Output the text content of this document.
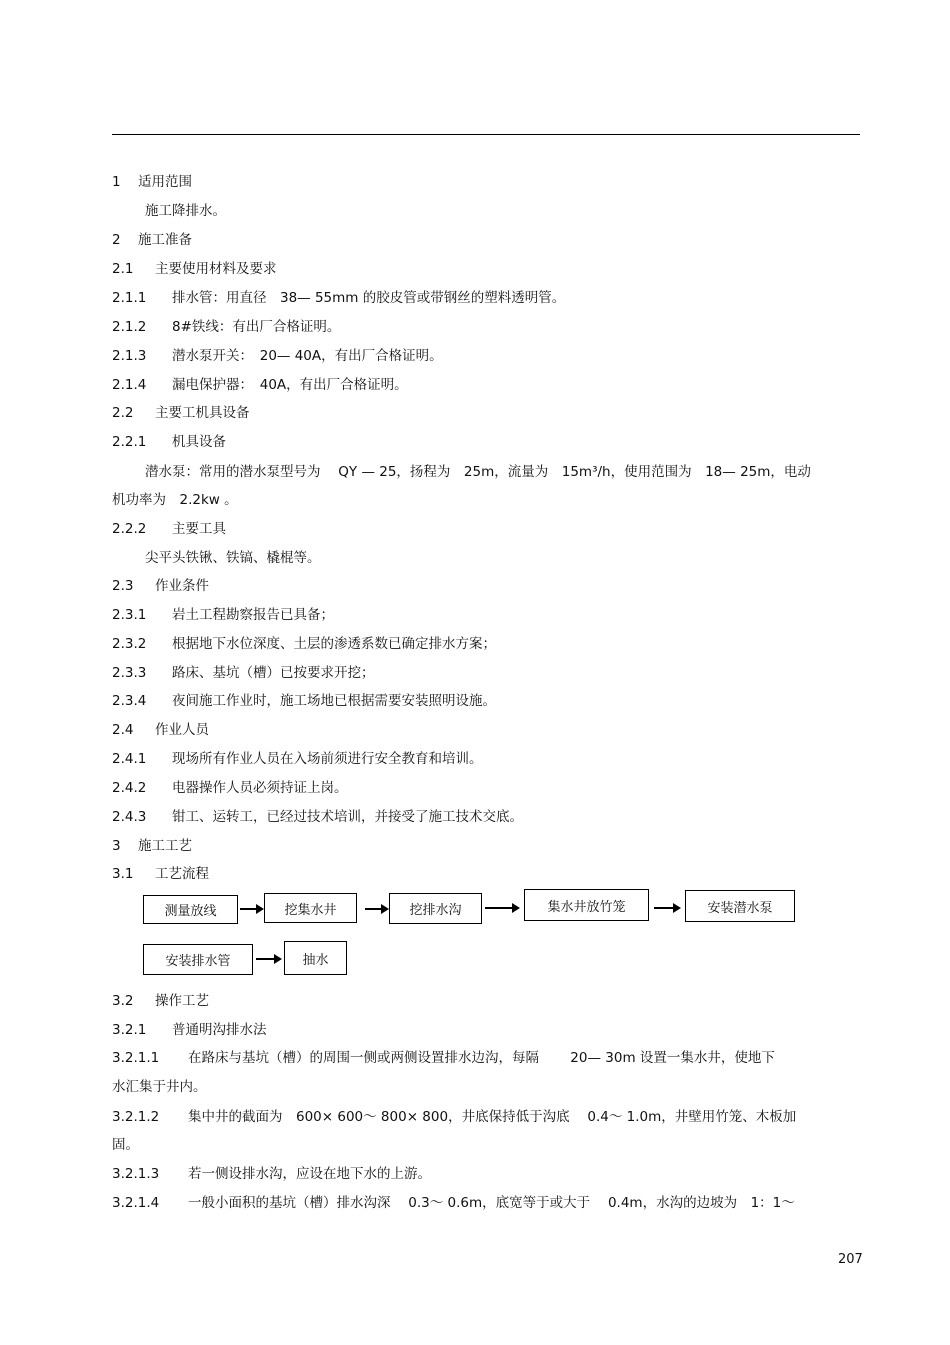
1 适用范围
施工降排水。
2 施工准备
2.1 主要使用材料及要求
2.1.1 排水管：用直径　38— 55mm 的胶皮管或带钢丝的塑料透明管。
2.1.2 8#铁线：有出厂合格证明。
2.1.3 潜水泵开关：　20— 40A，有出厂合格证明。
2.1.4 漏电保护器：　40A，有出厂合格证明。
2.2 主要工机具设备
2.2.1 机具设备
潜水泵：常用的潜水泵型号为　 QY — 25，扬程为　25m，流量为　15m³/h，使用范围为　18— 25m，电动
机功率为　2.2kw 。
2.2.2 主要工具
尖平头铁锹、铁镐、橇棍等。
2.3 作业条件
2.3.1 岩土工程勘察报告已具备；
2.3.2 根据地下水位深度、土层的渗透系数已确定排水方案；
2.3.3 路床、基坑（槽）已按要求开挖；
2.3.4 夜间施工作业时，施工场地已根据需要安装照明设施。
2.4 作业人员
2.4.1 现场所有作业人员在入场前须进行安全教育和培训。
2.4.2 电器操作人员必须持证上岗。
2.4.3 钳工、运转工，已经过技术培训，并接受了施工技术交底。
3 施工工艺
3.1 工艺流程
测量放线	挖集水井	挖排水沟	集水井放竹笼	安装潜水泵
安装排水管	抽水
3.2 操作工艺
3.2.1 普通明沟排水法
3.2.1.1 在路床与基坑（槽）的周围一侧或两侧设置排水边沟，每隔　　 20— 30m 设置一集水井，使地下
水汇集于井内。
3.2.1.2 集中井的截面为　600× 600～ 800× 800，井底保持低于沟底　 0.4～ 1.0m，井壁用竹笼、木板加
固。
3.2.1.3 若一侧设排水沟，应设在地下水的上游。
3.2.1.4 一般小面积的基坑（槽）排水沟深　 0.3～ 0.6m，底宽等于或大于　 0.4m，水沟的边坡为　1：1～
207
